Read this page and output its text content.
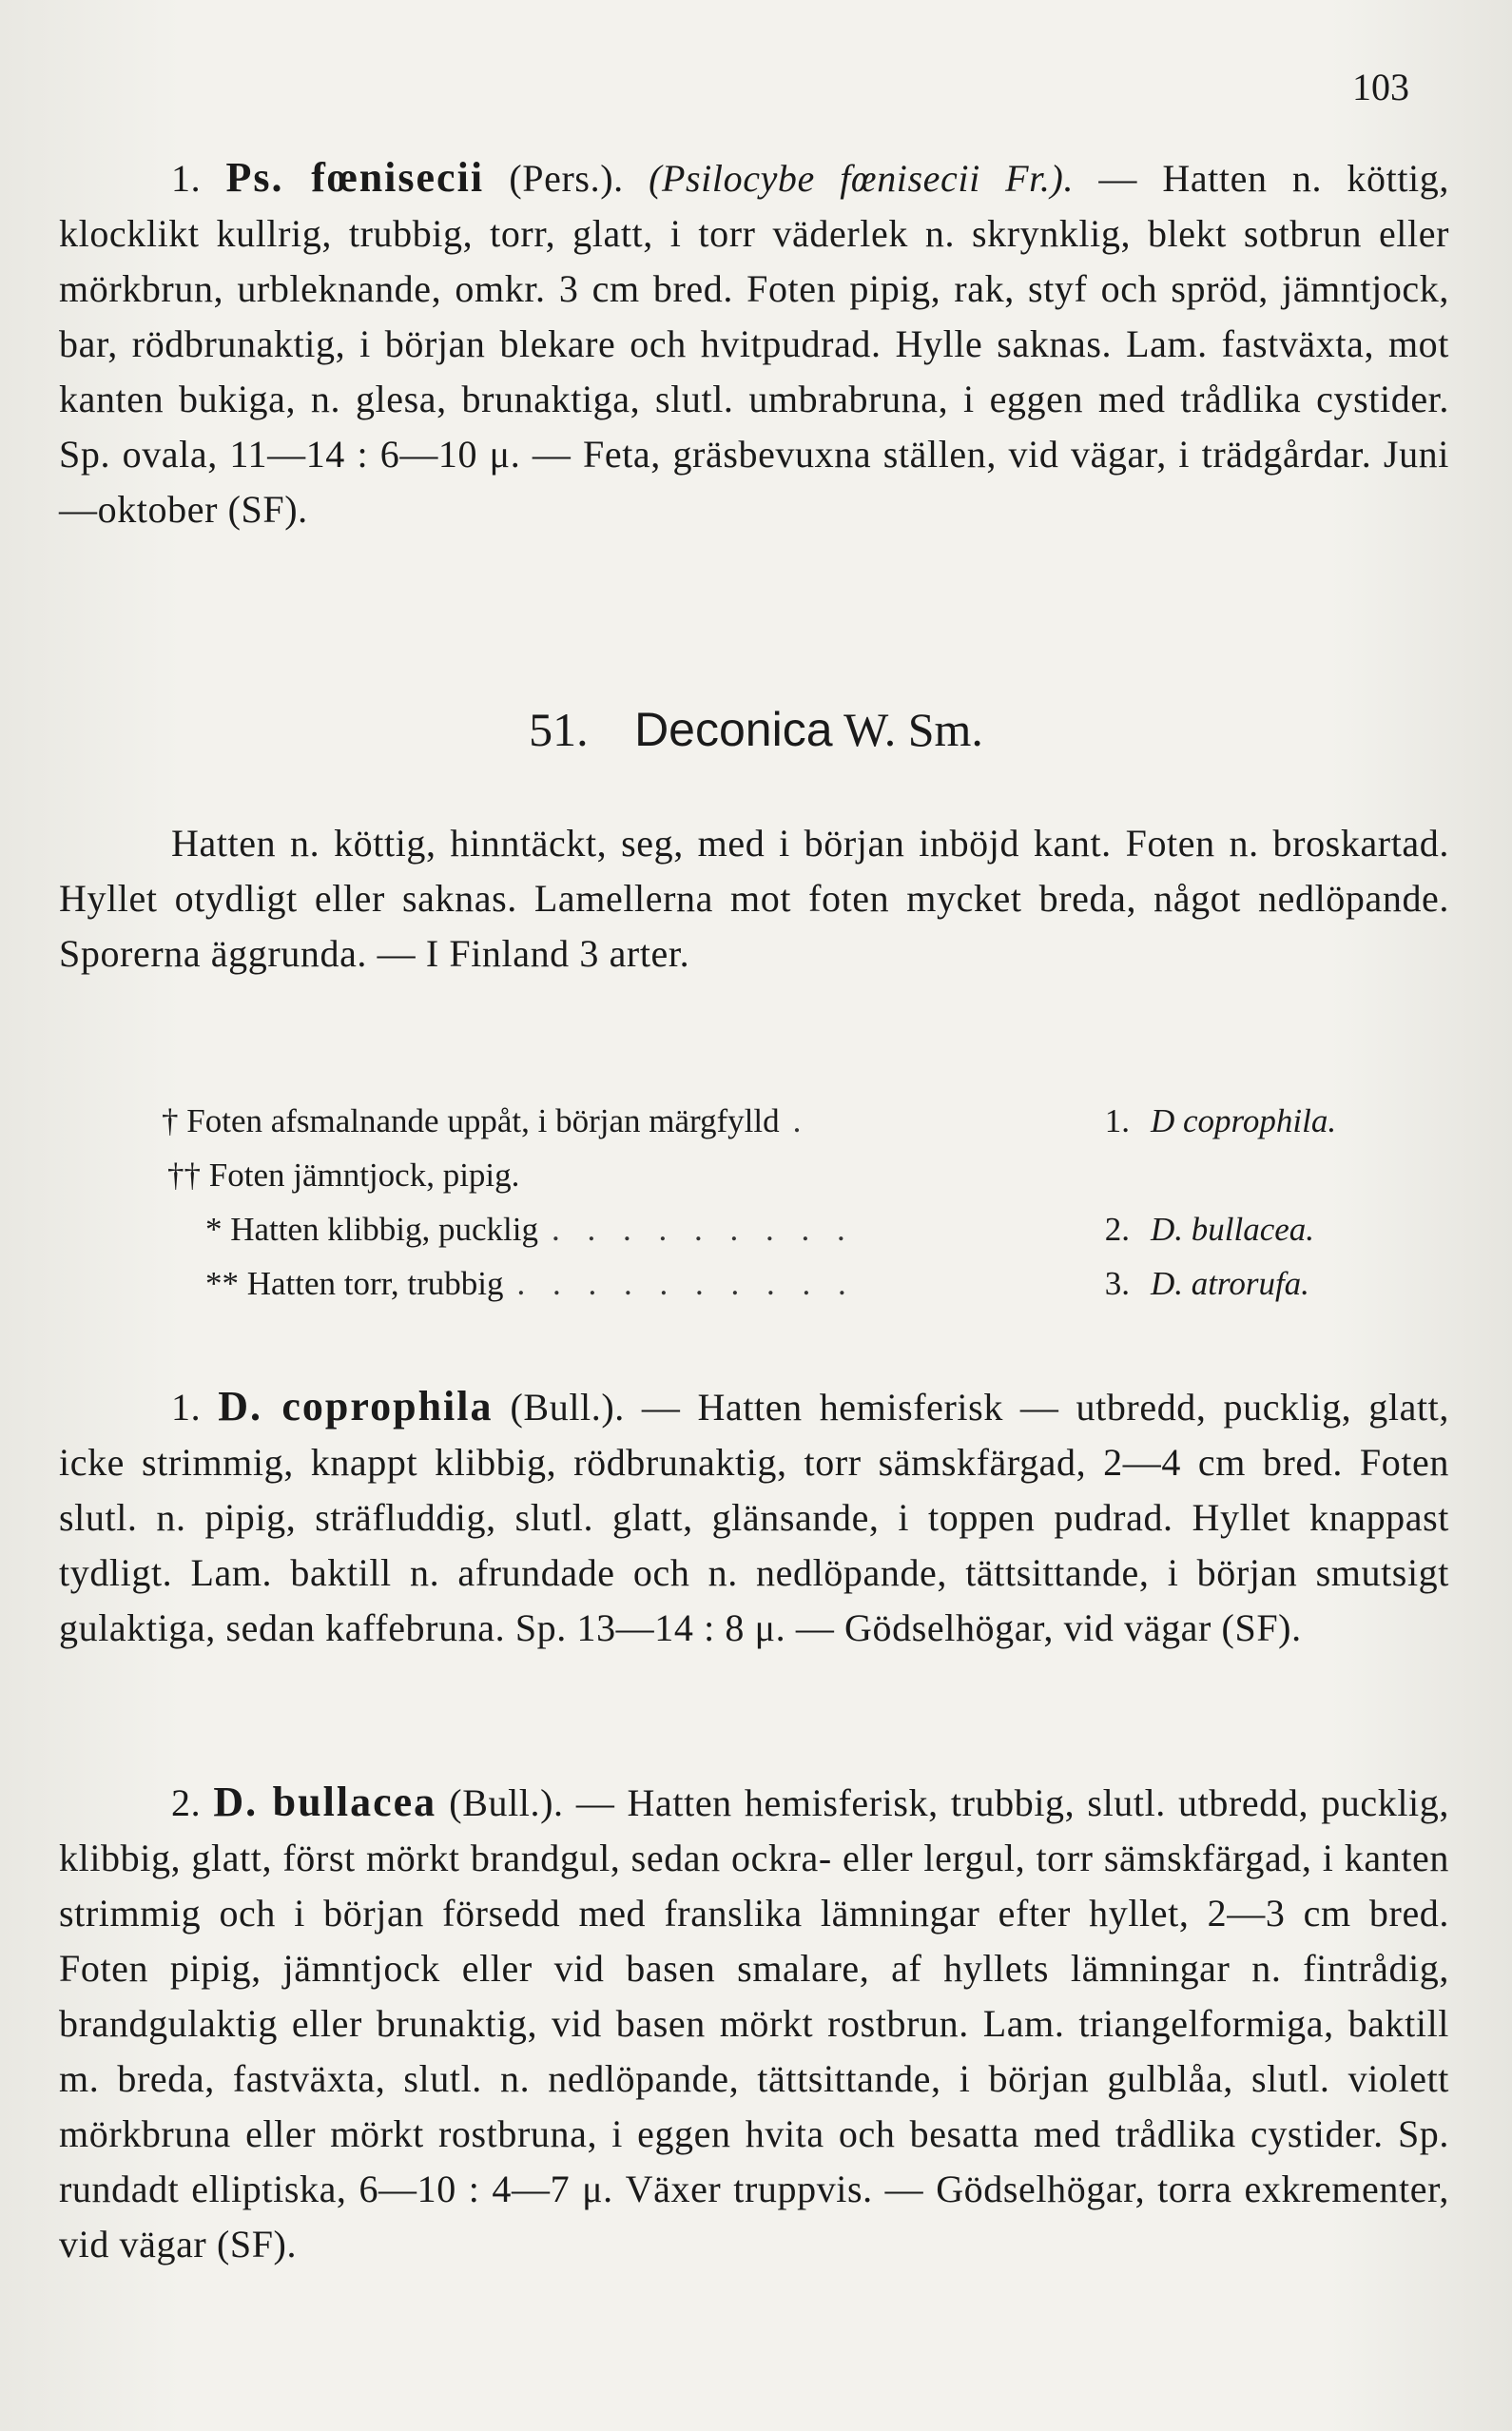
103

1. Ps. fœnisecii (Pers.). (Psilocybe fœnisecii Fr.). — Hatten n. köttig, klocklikt kullrig, trubbig, torr, glatt, i torr väderlek n. skrynklig, blekt sotbrun eller mörkbrun, urbleknande, omkr. 3 cm bred. Foten pipig, rak, styf och spröd, jämntjock, bar, rödbrunaktig, i början blekare och hvitpudrad. Hylle saknas. Lam. fastväxta, mot kanten bukiga, n. glesa, brunaktiga, slutl. umbrabruna, i eggen med trådlika cystider. Sp. ovala, 11—14 : 6—10 μ. — Feta, gräsbevuxna ställen, vid vägar, i trädgårdar. Juni—oktober (SF).

51. Deconica W. Sm.

Hatten n. köttig, hinntäckt, seg, med i början inböjd kant. Foten n. broskartad. Hyllet otydligt eller saknas. Lamellerna mot foten mycket breda, något nedlöpande. Sporerna äggrunda. — I Finland 3 arter.

† Foten afsmalnande uppåt, i början märgfylld .	1. D coprophila.
†† Foten jämntjock, pipig.
* Hatten klibbig, pucklig . . . . . . . . .	2. D. bullacea.
** Hatten torr, trubbig . . . . . . . . . .	3. D. atrorufa.

1. D. coprophila (Bull.). — Hatten hemisferisk — utbredd, pucklig, glatt, icke strimmig, knappt klibbig, rödbrunaktig, torr sämskfärgad, 2—4 cm bred. Foten slutl. n. pipig, sträfluddig, slutl. glatt, glänsande, i toppen pudrad. Hyllet knappast tydligt. Lam. baktill n. afrundade och n. nedlöpande, tättsittande, i början smutsigt gulaktiga, sedan kaffebruna. Sp. 13—14 : 8 μ. — Gödselhögar, vid vägar (SF).

2. D. bullacea (Bull.). — Hatten hemisferisk, trubbig, slutl. utbredd, pucklig, klibbig, glatt, först mörkt brandgul, sedan ockra- eller lergul, torr sämskfärgad, i kanten strimmig och i början försedd med franslika lämningar efter hyllet, 2—3 cm bred. Foten pipig, jämntjock eller vid basen smalare, af hyllets lämningar n. fintrådig, brandgulaktig eller brunaktig, vid basen mörkt rostbrun. Lam. triangelformiga, baktill m. breda, fastväxta, slutl. n. nedlöpande, tättsittande, i början gulblåa, slutl. violett mörkbruna eller mörkt rostbruna, i eggen hvita och besatta med trådlika cystider. Sp. rundadt elliptiska, 6—10 : 4—7 μ. Växer truppvis. — Gödselhögar, torra exkrementer, vid vägar (SF).
